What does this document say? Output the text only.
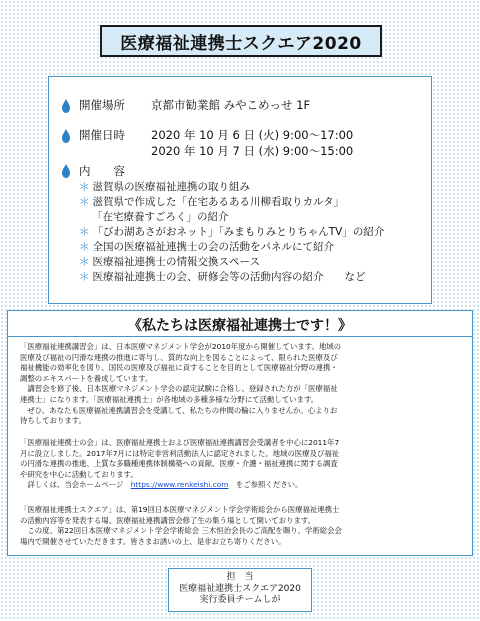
医療福祉連携士スクエア2020
開催場所 京都市勧業館 みやこめっせ 1F
開催日時 2020 年 10 月 6 日 (火) 9:00～17:00
2020 年 10 月 7 日 (水) 9:00～15:00
内　　容
＊ 滋賀県の医療福祉連携の取り組み
＊ 滋賀県で作成した「在宅あるある川柳看取りカルタ」
「在宅療養すごろく」の紹介
＊ 「びわ湖あさがおネット」「みまもりみとりちゃんTV」の紹介
＊ 全国の医療福祉連携士の会の活動をパネルにて紹介
＊ 医療福祉連携士の情報交換スペース
＊ 医療福祉連携士の会、研修会等の活動内容の紹介　　など
《私たちは医療福祉連携士です！》

「医療福祉連携講習会」は、日本医療マネジメント学会が2010年度から開催しています。地域の
医療及び福祉の円滑な連携の推進に寄与し、質的な向上を図ることによって、限られた医療及び
福祉機能の効率化を図り、国民の医療及び福祉に貢することを目的として医療福祉分野の連携・
調整のエキスパートを養成しています。
　講習会を修了後、日本医療マネジメント学会の認定試験に合格し、登録された方が「医療福祉
連携士」になります。「医療福祉連携士」が各地域の多種多様な分野にて活動しています。
　ぜひ、あなたも医療福祉連携講習会を受講して、私たちの仲間の輪に入りませんか。心よりお
待ちしております。

「医療福祉連携士の会」は、医療福祉連携士および医療福祉連携講習会受講者を中心に2011年7
月に設立しました。2017年7月には特定非営利活動法人に認定されました。地域の医療及び福祉
の円滑な連携の推進、上質な多職種連携体制構築への貢献、医療・介護・福祉連携に関する調査
や研究を中心に活動しております。
　詳しくは、当会ホームページ　https://www.renkeishi.com　をご参照ください。

「医療福祉連携士スクエア」は、第19回日本医療マネジメント学会学術総会から医療福祉連携士
の活動内容等を発表する場、医療福祉連携講習会修了生の集う場として開いております。
　この度、第22回日本医療マネジメント学会学術総会 三木恒治会長のご高配を賜り、学術総会会
場内で開催させていただきます。皆さまお誘いの上、是非お立ち寄りください。

担　当
医療福祉連携士スクエア2020
実行委員チームしが
